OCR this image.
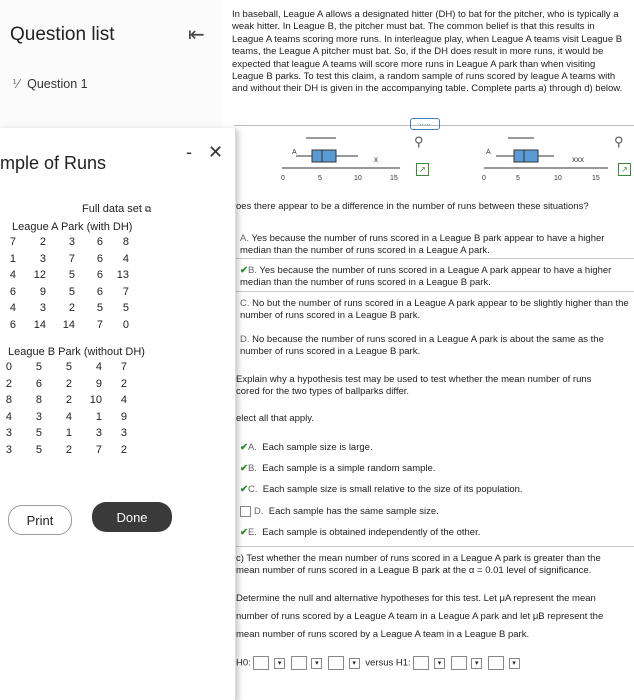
Question list	⇤
⅟ Question 1
In baseball, League A allows a designated hitter (DH) to bat for the pitcher, who is typically a weak hitter. In League B, the pitcher must bat. The common belief is that this results in League A teams scoring more runs. In interleague play, when League A teams visit League B teams, the League A pitcher must bat. So, if the DH does result in more runs, it would be expected that league A teams will score more runs in League A park than when visiting League B parks. To test this claim, a random sample of runs scored by league A teams with and without their DH is given in the accompanying table. Complete parts a) through d) below.
.....
A
x
0	5	10	15
⚲
↗
A
xxx
0	5	10	15
⚲
↗
oes there appear to be a difference in the number of runs between these situations?
A. Yes because the number of runs scored in a League B park appear to have a higher median than the number of runs scored in a League A park.
✔B. Yes because the number of runs scored in a League A park appear to have a higher median than the number of runs scored in a League B park.
C. No but the number of runs scored in a League A park appear to be slightly higher than the number of runs scored in a League B park.
D. No because the number of runs scored in a League A park is about the same as the number of runs scored in a League B park.
Explain why a hypothesis test may be used to test whether the mean number of runs
cored for the two types of ballparks differ.
elect all that apply.
✔A. Each sample size is large.
✔B. Each sample is a simple random sample.
✔C. Each sample size is small relative to the size of its population.
D. Each sample has the same sample size.
✔E. Each sample is obtained independently of the other.
c) Test whether the mean number of runs scored in a League A park is greater than the
mean number of runs scored in a League B park at the α = 0.01 level of significance.
Determine the null and alternative hypotheses for this test. Let μA represent the mean
number of runs scored by a League A team in a League A park and let μB represent the
mean number of runs scored by a League A team in a League B park.
H0:	▾	▾	▾ versus H1:	▾	▾	▾
mple of Runs
- ✕
Full data set ⧉
League A Park (with DH)
7	2	3	6	8
1	3	7	6	4
4	12	5	6	13
6	9	5	6	7
4	3	2	5	5
6	14	14	7	0
League B Park (without DH)
0	5	5	4	7
2	6	2	9	2
8	8	2	10	4
4	3	4	1	9
3	5	1	3	3
3	5	2	7	2
Print	Done
